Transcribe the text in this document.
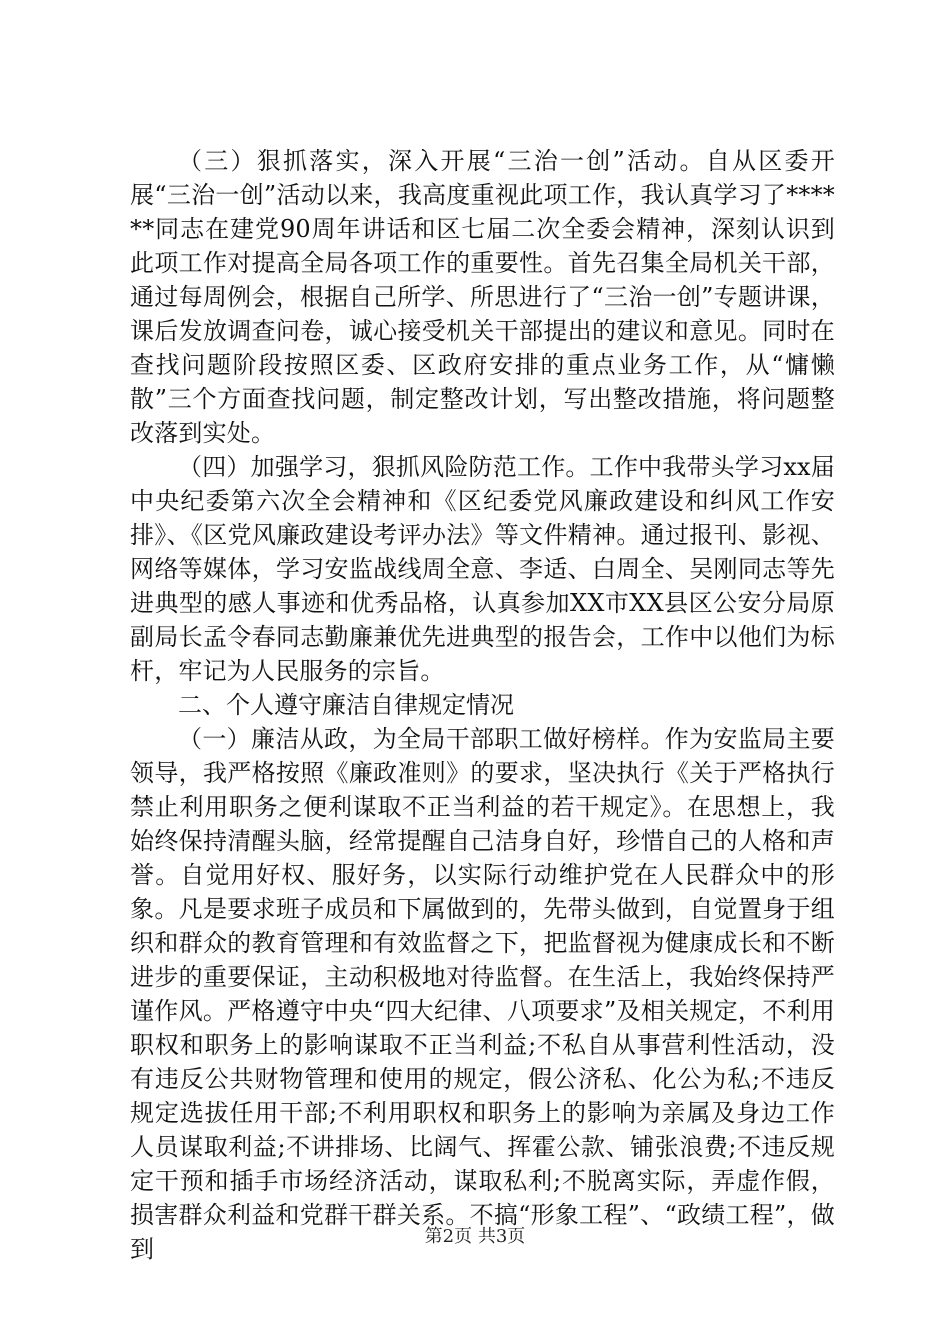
（三）狠抓落实，深入开展“三治一创”活动。自从区委开展“三治一创”活动以来，我高度重视此项工作，我认真学习了******同志在建党90周年讲话和区七届二次全委会精神，深刻认识到此项工作对提高全局各项工作的重要性。首先召集全局机关干部，通过每周例会，根据自己所学、所思进行了“三治一创”专题讲课，课后发放调查问卷，诚心接受机关干部提出的建议和意见。同时在查找问题阶段按照区委、区政府安排的重点业务工作，从“慵懒散”三个方面查找问题，制定整改计划，写出整改措施，将问题整改落到实处。

（四）加强学习，狠抓风险防范工作。工作中我带头学习xx届中央纪委第六次全会精神和《区纪委党风廉政建设和纠风工作安排》、《区党风廉政建设考评办法》等文件精神。通过报刊、影视、网络等媒体，学习安监战线周全意、李适、白周全、吴刚同志等先进典型的感人事迹和优秀品格，认真参加XX市XX县区公安分局原副局长孟令春同志勤廉兼优先进典型的报告会，工作中以他们为标杆，牢记为人民服务的宗旨。

二、个人遵守廉洁自律规定情况

（一）廉洁从政，为全局干部职工做好榜样。作为安监局主要领导，我严格按照《廉政准则》的要求，坚决执行《关于严格执行禁止利用职务之便利谋取不正当利益的若干规定》。在思想上，我始终保持清醒头脑，经常提醒自己洁身自好，珍惜自己的人格和声誉。自觉用好权、服好务，以实际行动维护党在人民群众中的形象。凡是要求班子成员和下属做到的，先带头做到，自觉置身于组织和群众的教育管理和有效监督之下，把监督视为健康成长和不断进步的重要保证，主动积极地对待监督。在生活上，我始终保持严谨作风。严格遵守中央“四大纪律、八项要求”及相关规定，不利用职权和职务上的影响谋取不正当利益;不私自从事营利性活动，没有违反公共财物管理和使用的规定，假公济私、化公为私;不违反规定选拔任用干部;不利用职权和职务上的影响为亲属及身边工作人员谋取利益;不讲排场、比阔气、挥霍公款、铺张浪费;不违反规定干预和插手市场经济活动，谋取私利;不脱离实际，弄虚作假，损害群众利益和党群干群关系。不搞“形象工程”、“政绩工程”，做到	第2页 共3页
